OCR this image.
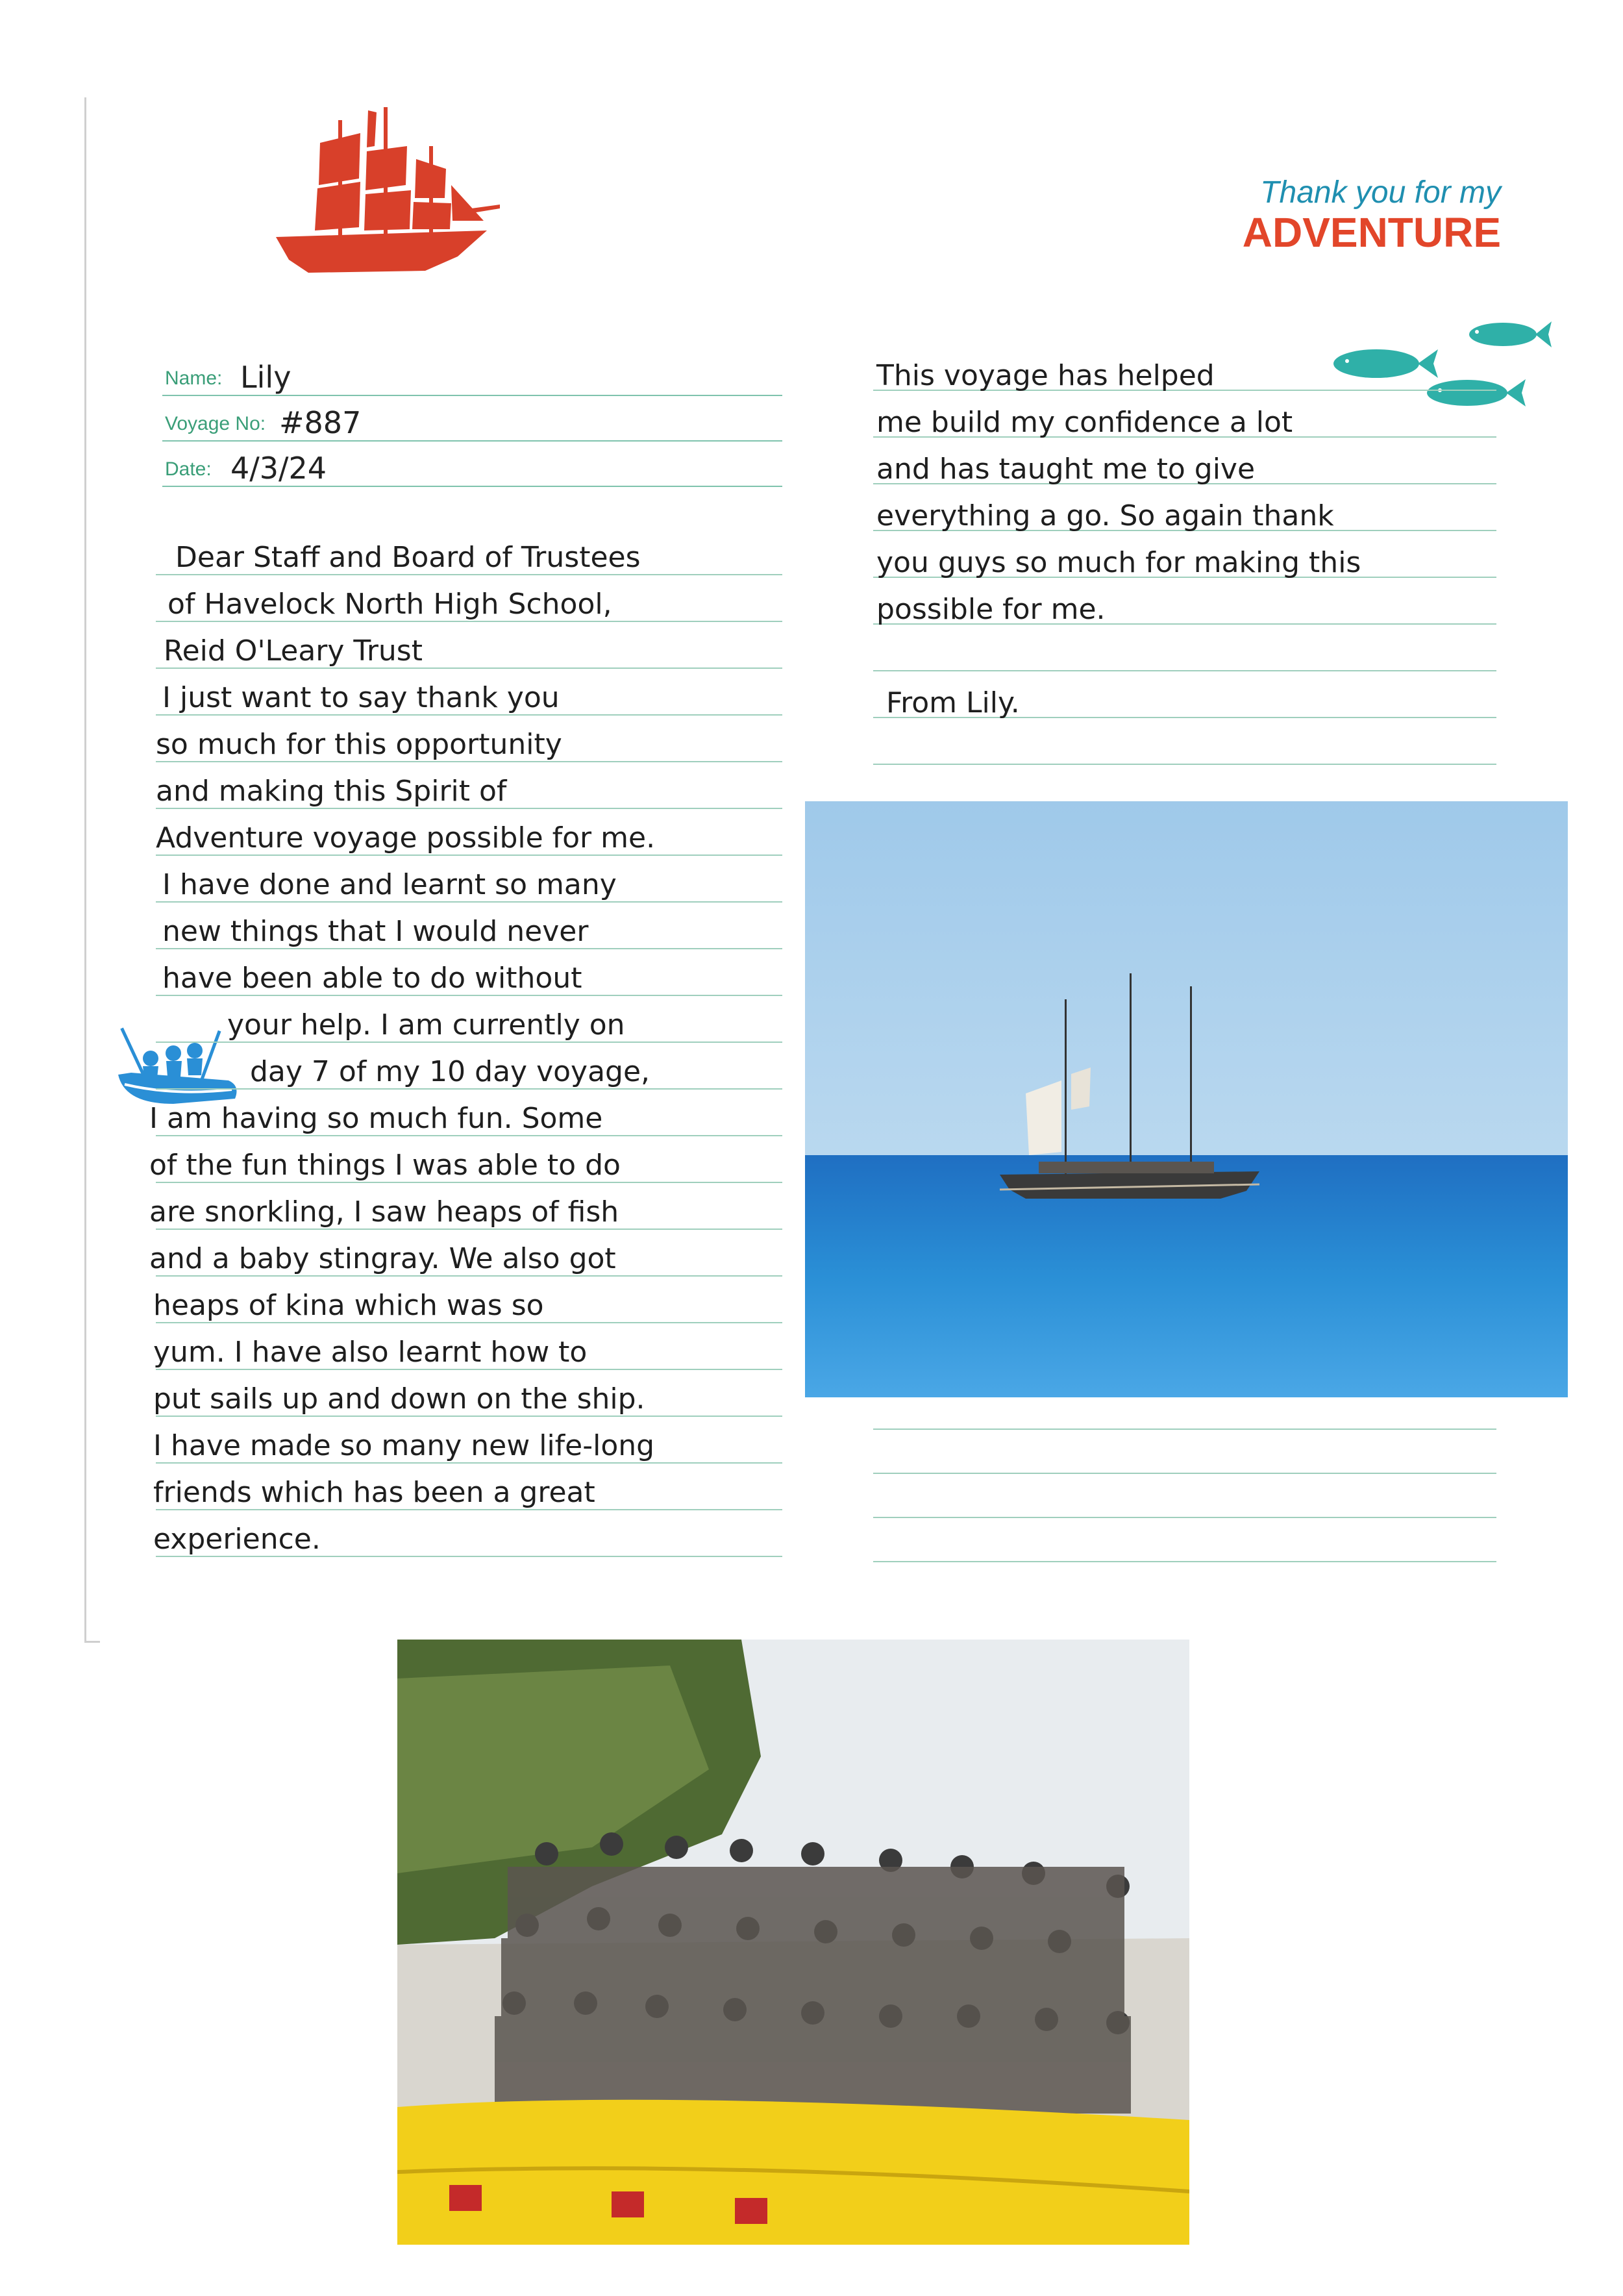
Thank you for my
ADVENTURE
Name: Lily
Voyage No: #887
Date: 4/3/24
Dear Staff and Board of Trustees
of Havelock North High School,
Reid O'Leary Trust
I just want to say thank you
so much for this opportunity
and making this Spirit of
Adventure voyage possible for me.
I have done and learnt so many
new things that I would never
have been able to do without
your help. I am currently on
day 7 of my 10 day voyage,
I am having so much fun. Some
of the fun things I was able to do
are snorkling, I saw heaps of fish
and a baby stingray. We also got
heaps of kina which was so
yum. I have also learnt how to
put sails up and down on the ship.
I have made so many new life-long
friends which has been a great
experience.
This voyage has helped
me build my confidence a lot
and has taught me to give
everything a go. So again thank
you guys so much for making this
possible for me.
From Lily.
